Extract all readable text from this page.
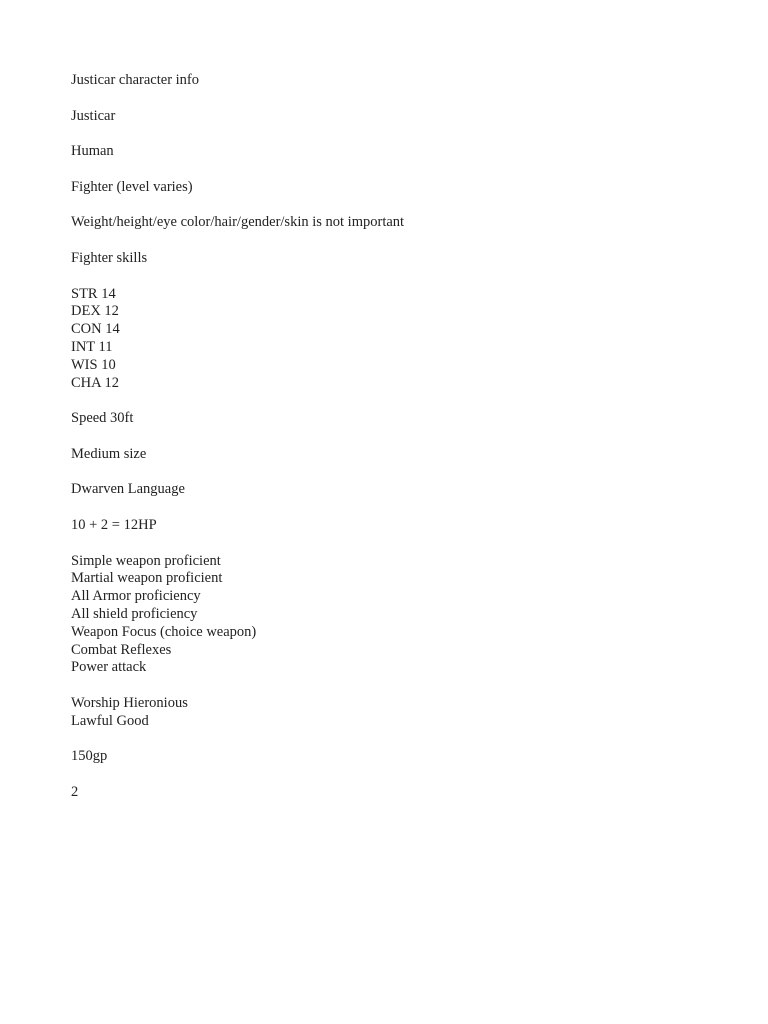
Justicar character info

Justicar

Human

Fighter (level varies)

Weight/height/eye color/hair/gender/skin is not important

Fighter skills

STR 14
DEX 12
CON 14
INT 11
WIS 10
CHA 12

Speed 30ft

Medium size

Dwarven Language

10 + 2 = 12HP

Simple weapon proficient
Martial weapon proficient
All Armor proficiency
All shield proficiency
Weapon Focus (choice weapon)
Combat Reflexes
Power attack
Worship Hieronious
Lawful Good

150gp

2
